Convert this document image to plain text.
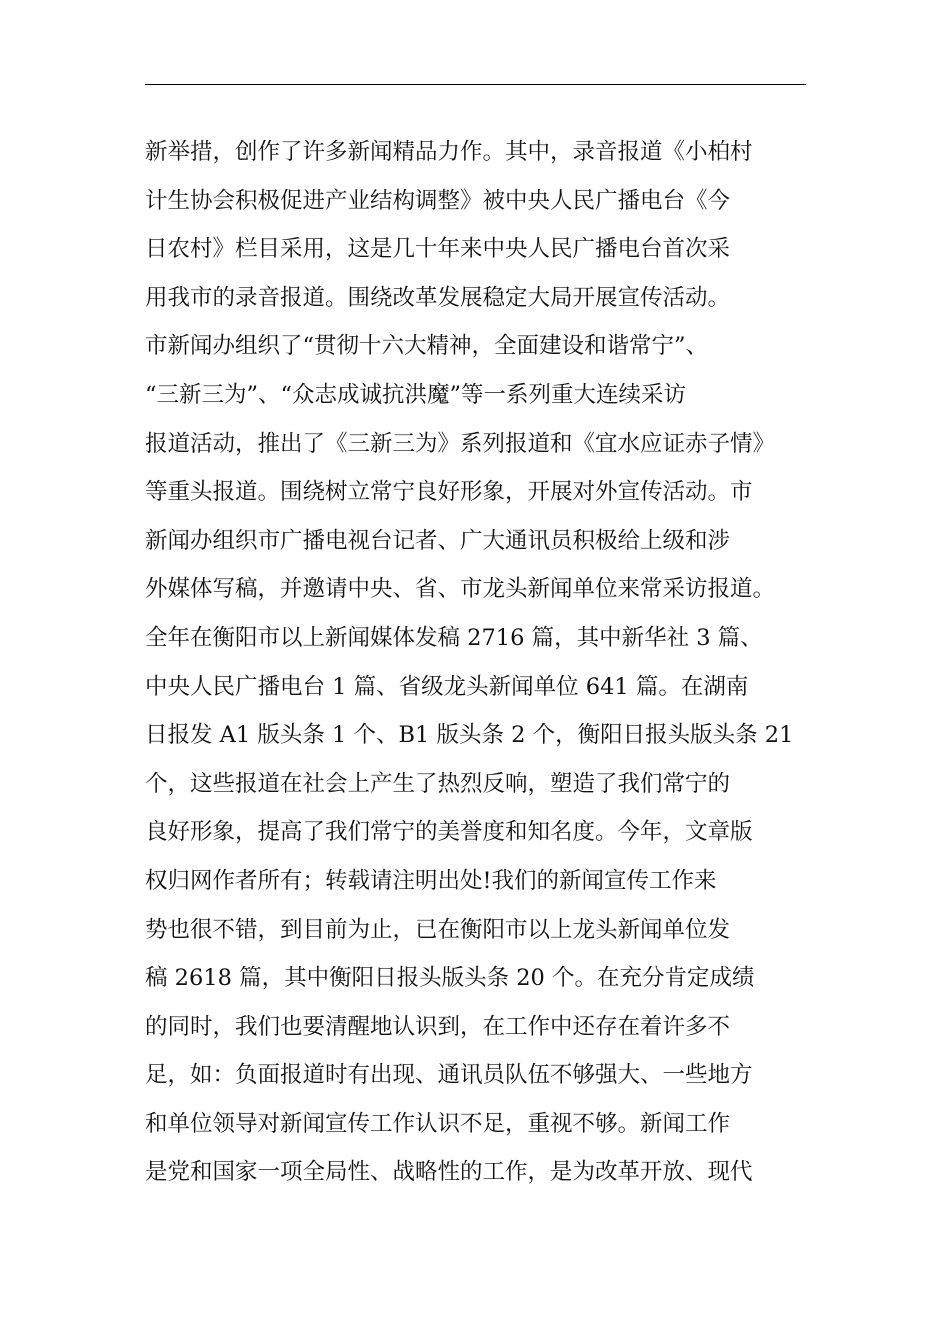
新举措，创作了许多新闻精品力作。其中，录音报道《小柏村
计生协会积极促进产业结构调整》被中央人民广播电台《今
日农村》栏目采用，这是几十年来中央人民广播电台首次采
用我市的录音报道。围绕改革发展稳定大局开展宣传活动。
市新闻办组织了“贯彻十六大精神，全面建设和谐常宁”、
“三新三为”、“众志成诚抗洪魔”等一系列重大连续采访
报道活动，推出了《三新三为》系列报道和《宜水应证赤子情》
等重头报道。围绕树立常宁良好形象，开展对外宣传活动。市
新闻办组织市广播电视台记者、广大通讯员积极给上级和涉
外媒体写稿，并邀请中央、省、市龙头新闻单位来常采访报道。
全年在衡阳市以上新闻媒体发稿 2716 篇，其中新华社 3 篇、
中央人民广播电台 1 篇、省级龙头新闻单位 641 篇。在湖南
日报发 A1 版头条 1 个、B1 版头条 2 个，衡阳日报头版头条 21
个，这些报道在社会上产生了热烈反响，塑造了我们常宁的
良好形象，提高了我们常宁的美誉度和知名度。今年，文章版
权归网作者所有；转载请注明出处!我们的新闻宣传工作来
势也很不错，到目前为止，已在衡阳市以上龙头新闻单位发
稿 2618 篇，其中衡阳日报头版头条 20 个。在充分肯定成绩
的同时，我们也要清醒地认识到，在工作中还存在着许多不
足，如：负面报道时有出现、通讯员队伍不够强大、一些地方
和单位领导对新闻宣传工作认识不足，重视不够。新闻工作
是党和国家一项全局性、战略性的工作，是为改革开放、现代
